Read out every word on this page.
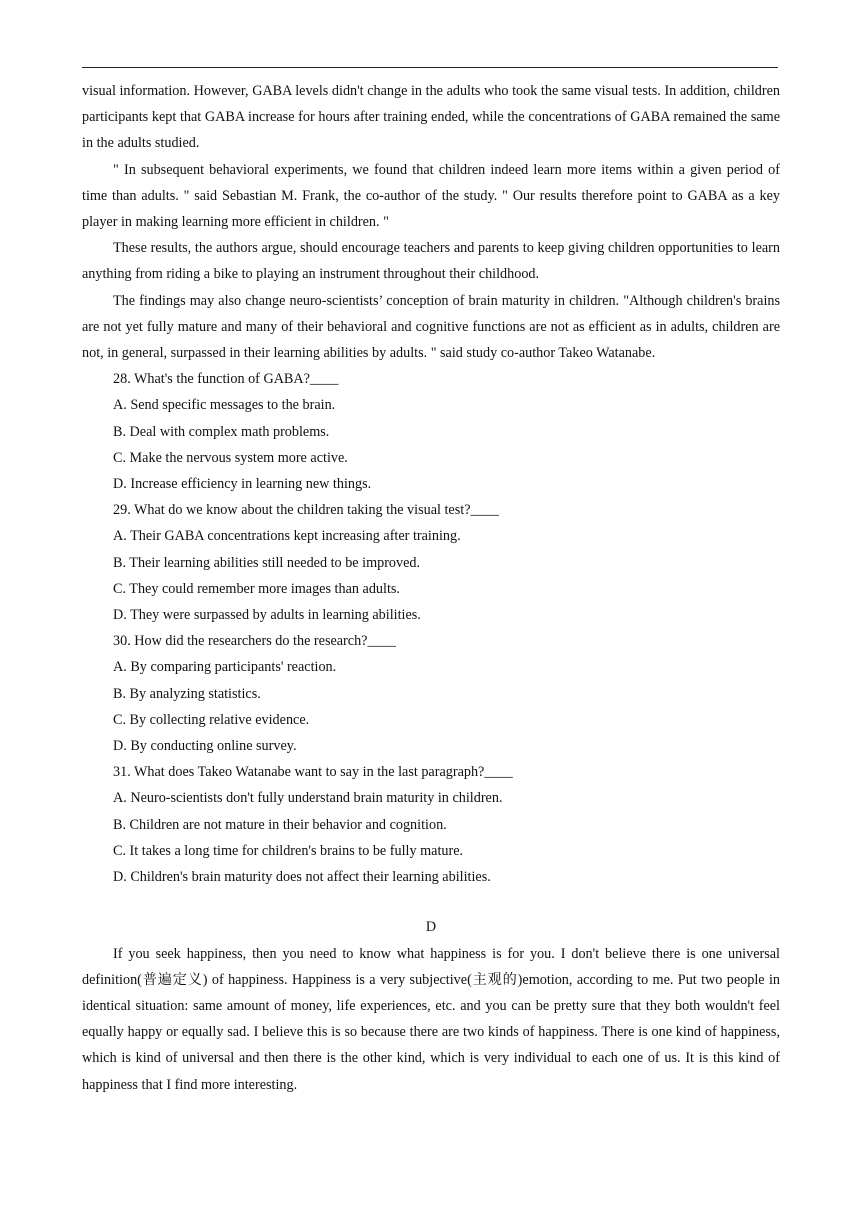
visual information. However, GABA levels didn't change in the adults who took the same visual tests. In addition, children participants kept that GABA increase for hours after training ended, while the concentrations of GABA remained the same in the adults studied.

" In subsequent behavioral experiments, we found that children indeed learn more items within a given period of time than adults. " said Sebastian M. Frank, the co-author of the study. " Our results therefore point to GABA as a key player in making learning more efficient in children. "

These results, the authors argue, should encourage teachers and parents to keep giving children opportunities to learn anything from riding a bike to playing an instrument throughout their childhood.

The findings may also change neuro-scientists’ conception of brain maturity in children. "Although children's brains are not yet fully mature and many of their behavioral and cognitive functions are not as efficient as in adults, children are not, in general, surpassed in their learning abilities by adults. " said study co-author Takeo Watanabe.

28. What's the function of GABA?____

A. Send specific messages to the brain.

B. Deal with complex math problems.

C. Make the nervous system more active.

D. Increase efficiency in learning new things.

29. What do we know about the children taking the visual test?____

A. Their GABA concentrations kept increasing after training.

B. Their learning abilities still needed to be improved.

C. They could remember more images than adults.

D. They were surpassed by adults in learning abilities.

30. How did the researchers do the research?____

A. By comparing participants' reaction.

B. By analyzing statistics.

C. By collecting relative evidence.

D. By conducting online survey.

31. What does Takeo Watanabe want to say in the last paragraph?____

A. Neuro-scientists don't fully understand brain maturity in children.

B. Children are not mature in their behavior and cognition.

C. It takes a long time for children's brains to be fully mature.

D. Children's brain maturity does not affect their learning abilities.

D

If you seek happiness, then you need to know what happiness is for you. I don't believe there is one universal definition(普遍定义) of happiness. Happiness is a very subjective(主观的)emotion, according to me. Put two people in identical situation: same amount of money, life experiences, etc. and you can be pretty sure that they both wouldn't feel equally happy or equally sad. I believe this is so because there are two kinds of happiness. There is one kind of happiness, which is kind of universal and then there is the other kind, which is very individual to each one of us. It is this kind of happiness that I find more interesting.
